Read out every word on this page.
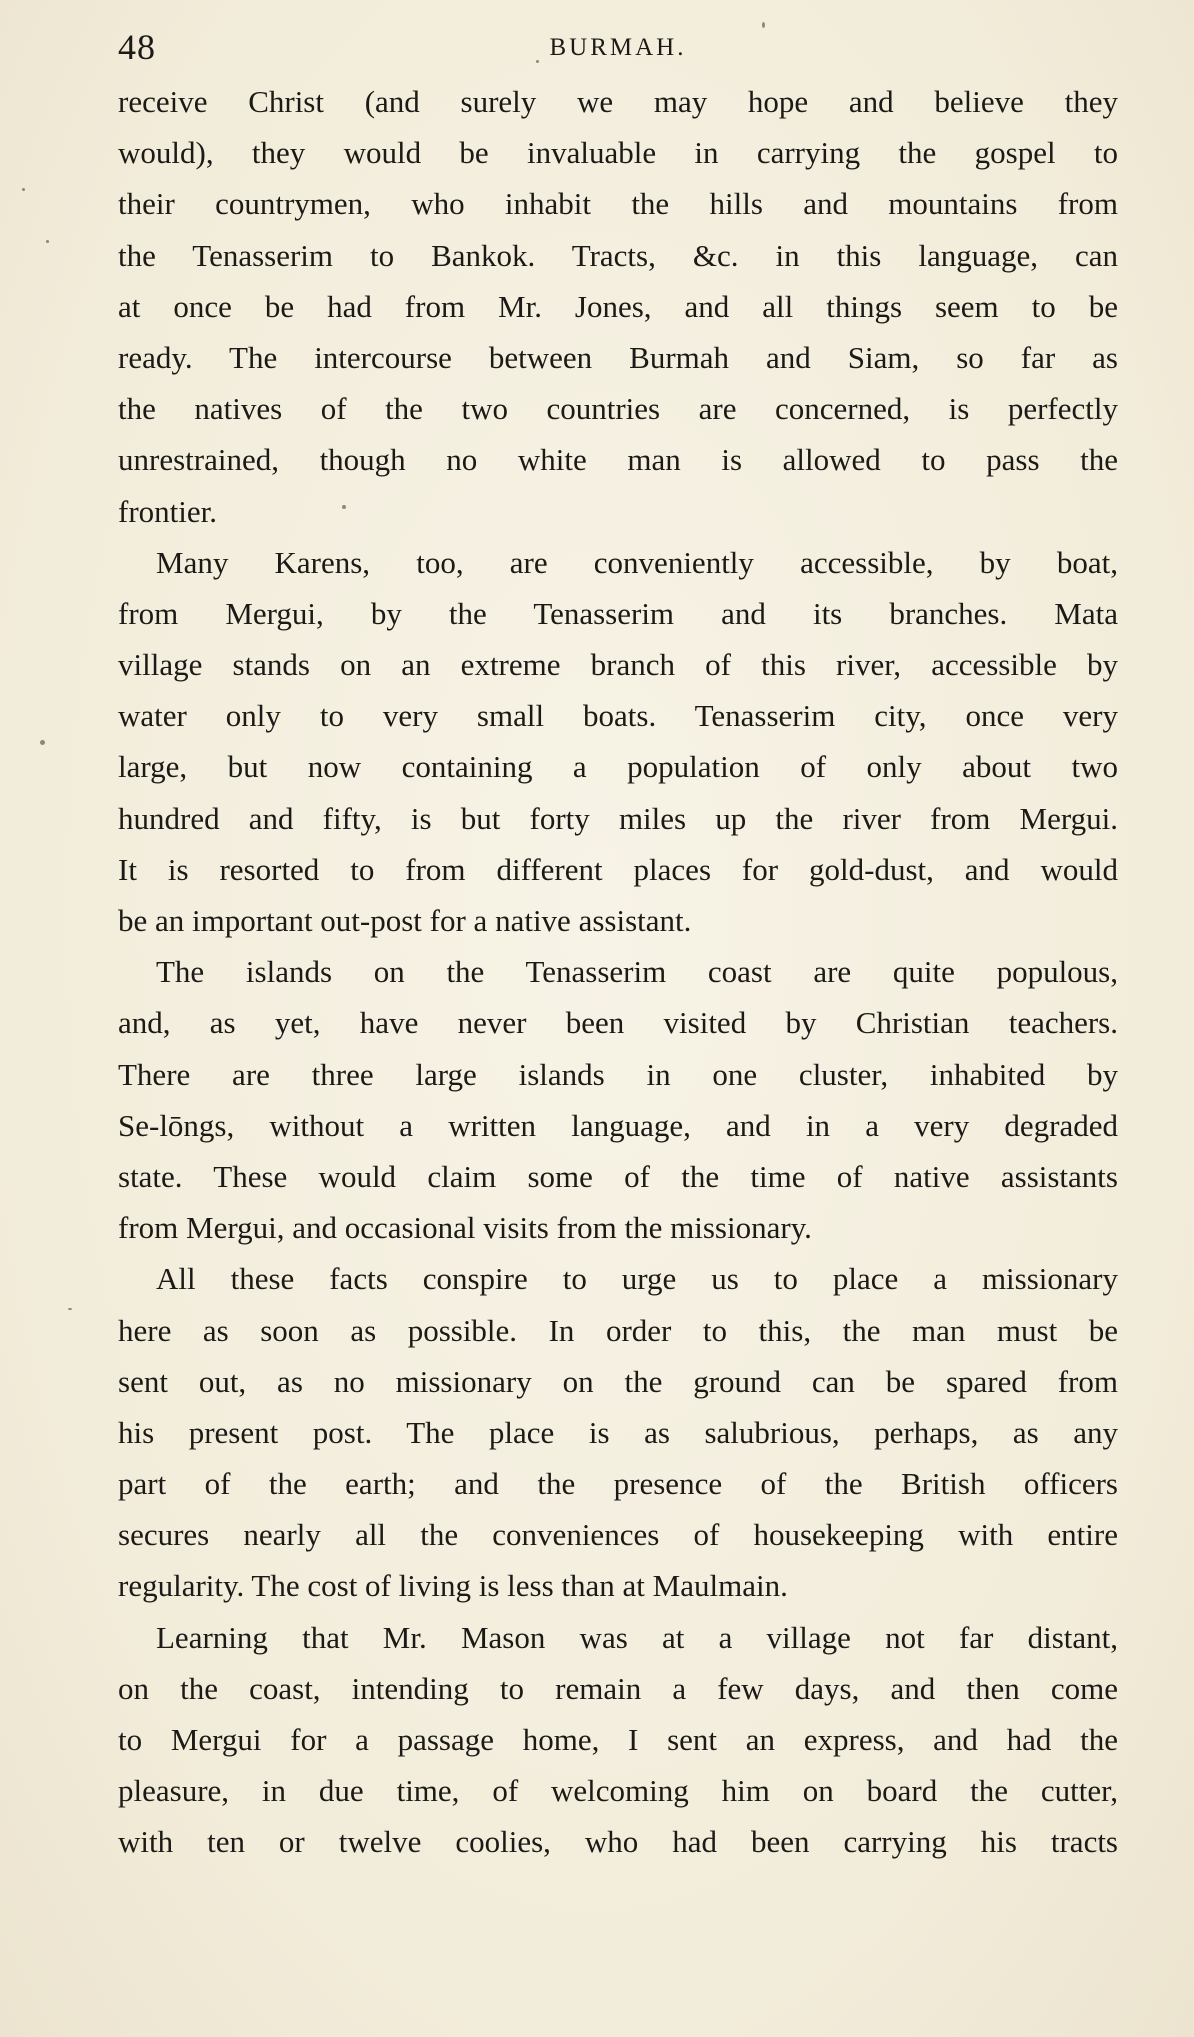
48	BURMAH.
receive Christ (and surely we may hope and believe they
would), they would be invaluable in carrying the gospel to
their countrymen, who inhabit the hills and mountains from
the Tenasserim to Bankok. Tracts, &c. in this language, can
at once be had from Mr. Jones, and all things seem to be
ready. The intercourse between Burmah and Siam, so far as
the natives of the two countries are concerned, is perfectly
unrestrained, though no white man is allowed to pass the
frontier.
Many Karens, too, are conveniently accessible, by boat,
from Mergui, by the Tenasserim and its branches. Mata
village stands on an extreme branch of this river, accessible by
water only to very small boats. Tenasserim city, once very
large, but now containing a population of only about two
hundred and fifty, is but forty miles up the river from Mergui.
It is resorted to from different places for gold-dust, and would
be an important out-post for a native assistant.
The islands on the Tenasserim coast are quite populous,
and, as yet, have never been visited by Christian teachers.
There are three large islands in one cluster, inhabited by
Se-lōngs, without a written language, and in a very degraded
state. These would claim some of the time of native assistants
from Mergui, and occasional visits from the missionary.
All these facts conspire to urge us to place a missionary
here as soon as possible. In order to this, the man must be
sent out, as no missionary on the ground can be spared from
his present post. The place is as salubrious, perhaps, as any
part of the earth; and the presence of the British officers
secures nearly all the conveniences of housekeeping with entire
regularity. The cost of living is less than at Maulmain.
Learning that Mr. Mason was at a village not far distant,
on the coast, intending to remain a few days, and then come
to Mergui for a passage home, I sent an express, and had the
pleasure, in due time, of welcoming him on board the cutter,
with ten or twelve coolies, who had been carrying his tracts
